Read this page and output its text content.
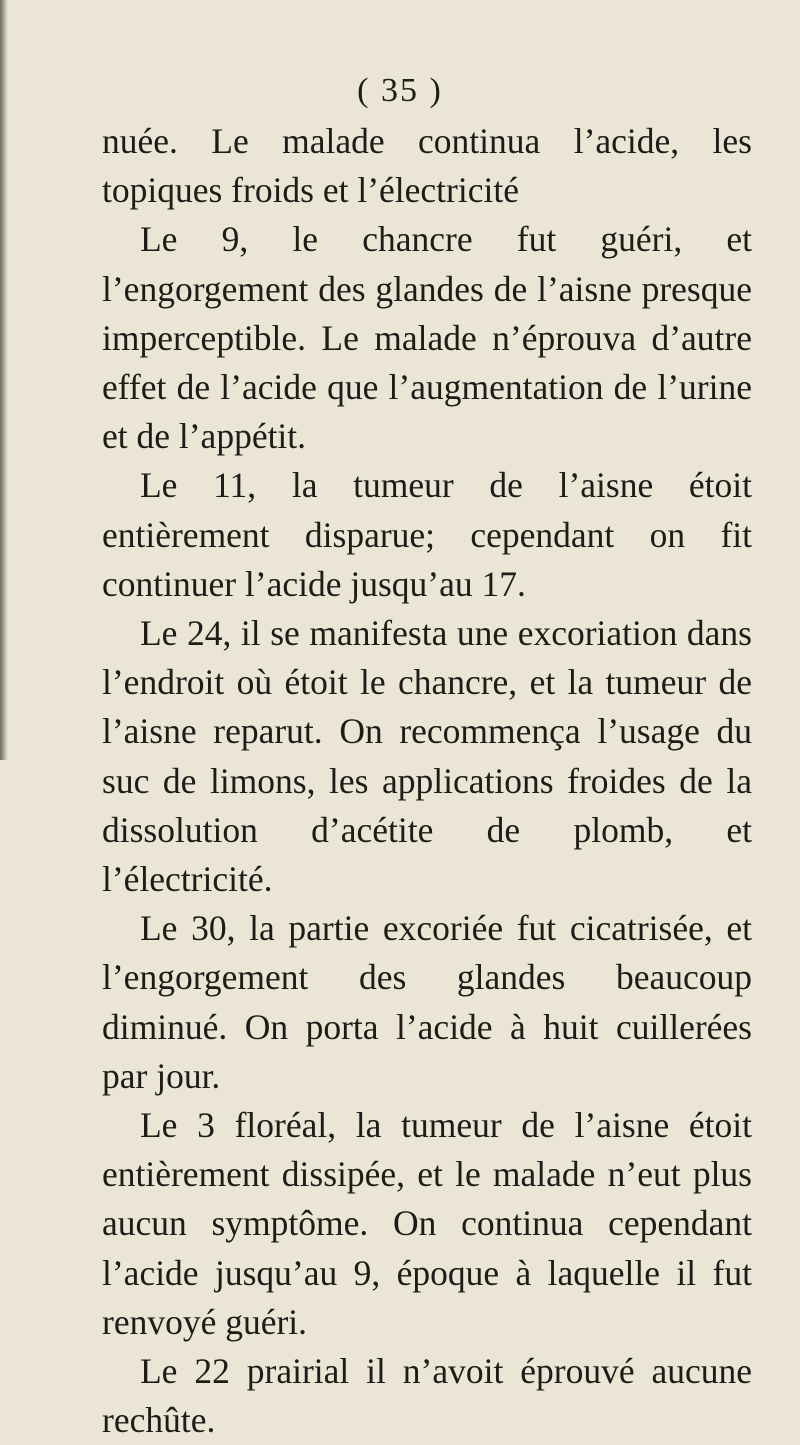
( 35 )

nuée. Le malade continua l’acide, les topiques froids et l’électricité

Le 9, le chancre fut guéri, et l’engorgement des glandes de l’aisne presque imperceptible. Le malade n’éprouva d’autre effet de l’acide que l’augmentation de l’urine et de l’appétit.

Le 11, la tumeur de l’aisne étoit entièrement disparue; cependant on fit continuer l’acide jusqu’au 17.

Le 24, il se manifesta une excoriation dans l’endroit où étoit le chancre, et la tumeur de l’aisne reparut. On recommença l’usage du suc de limons, les applications froides de la dissolution d’acétite de plomb, et l’électricité.

Le 30, la partie excoriée fut cicatrisée, et l’engorgement des glandes beaucoup diminué. On porta l’acide à huit cuillerées par jour.

Le 3 floréal, la tumeur de l’aisne étoit entièrement dissipée, et le malade n’eut plus aucun symptôme. On continua cependant l’acide jusqu’au 9, époque à laquelle il fut renvoyé guéri.

Le 22 prairial il n’avoit éprouvé aucune rechûte.
